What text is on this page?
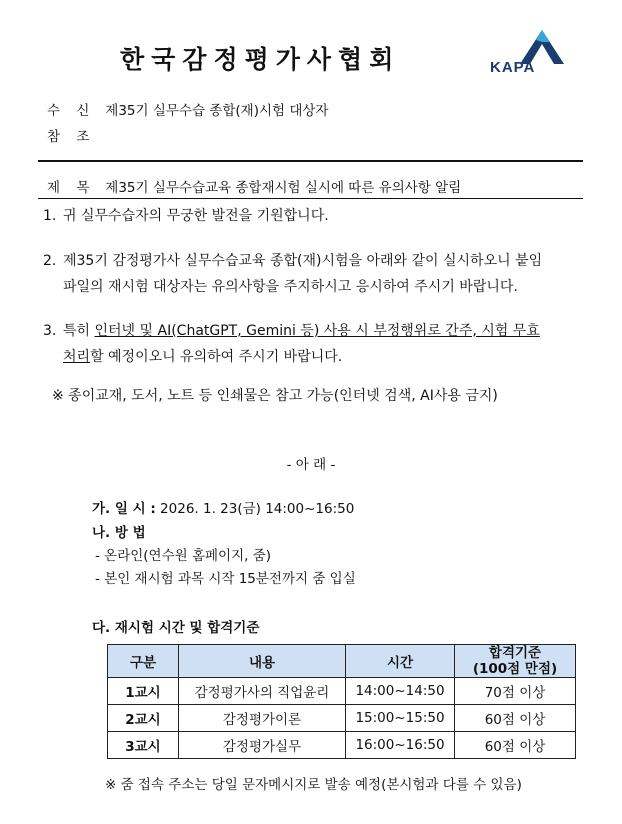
한국감정평가사협회	KAPA
수 신 제35기 실무수습 종합(재)시험 대상자
참 조
제 목 제35기 실무수습교육 종합재시험 실시에 따른 유의사항 알림
1. 귀 실무수습자의 무궁한 발전을 기원합니다.
2. 제35기 감정평가사 실무수습교육 종합(재)시험을 아래와 같이 실시하오니 붙임
파일의 재시험 대상자는 유의사항을 주지하시고 응시하여 주시기 바랍니다.
3. 특히 인터넷 및 AI(ChatGPT, Gemini 등) 사용 시 부정행위로 간주, 시험 무효
처리할 예정이오니 유의하여 주시기 바랍니다.
※ 종이교재, 도서, 노트 등 인쇄물은 참고 가능(인터넷 검색, AI사용 금지)
- 아 래 -
가. 일 시 : 2026. 1. 23(금) 14:00~16:50
나. 방 법
- 온라인(연수원 홈페이지, 줌)
- 본인 재시험 과목 시작 15분전까지 줌 입실
다. 재시험 시간 및 합격기준
구분	내용	시간	합격기준
(100점 만점)

1교시	감정평가사의 직업윤리	14:00~14:50	70점 이상
2교시	감정평가이론	15:00~15:50	60점 이상
3교시	감정평가실무	16:00~16:50	60점 이상
※ 줌 접속 주소는 당일 문자메시지로 발송 예정(본시험과 다를 수 있음)
